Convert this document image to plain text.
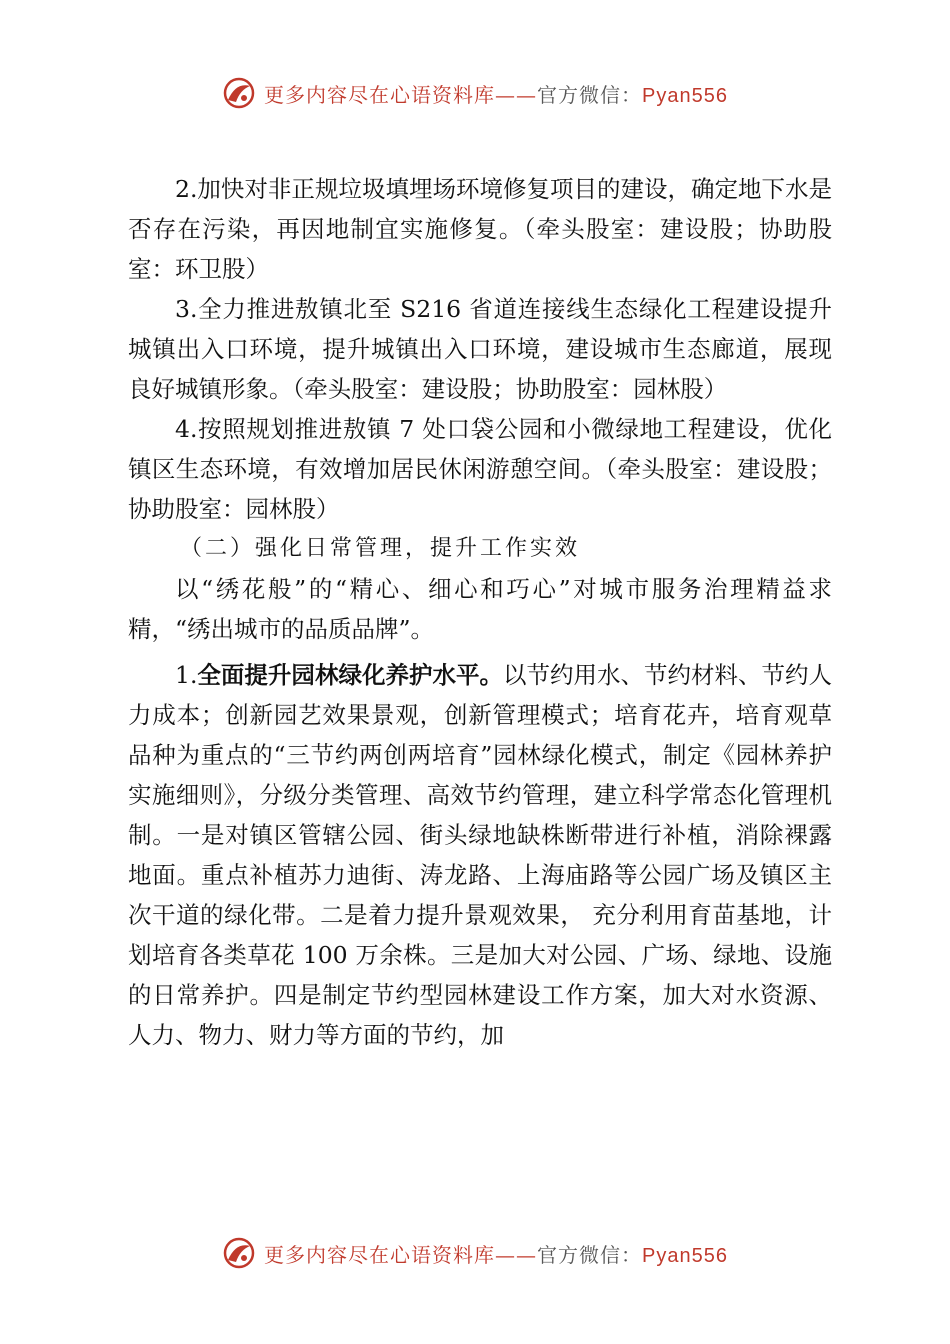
更多内容尽在心语资料库——官方微信：Pyan556

2.加快对非正规垃圾填埋场环境修复项目的建设，确定地下水是否存在污染，再因地制宜实施修复。（牵头股室：建设股；协助股室：环卫股）

3.全力推进敖镇北至 S216 省道连接线生态绿化工程建设提升城镇出入口环境，提升城镇出入口环境，建设城市生态廊道，展现良好城镇形象。（牵头股室：建设股；协助股室：园林股）

4.按照规划推进敖镇 7 处口袋公园和小微绿地工程建设，优化镇区生态环境，有效增加居民休闲游憩空间。（牵头股室：建设股；协助股室：园林股）

（二）强化日常管理，提升工作实效

以“绣花般”的“精心、细心和巧心”对城市服务治理精益求精，“绣出城市的品质品牌”。

1.全面提升园林绿化养护水平。以节约用水、节约材料、节约人力成本；创新园艺效果景观，创新管理模式；培育花卉，培育观草品种为重点的“三节约两创两培育”园林绿化模式，制定《园林养护实施细则》，分级分类管理、高效节约管理，建立科学常态化管理机制。一是对镇区管辖公园、街头绿地缺株断带进行补植，消除裸露地面。重点补植苏力迪街、涛龙路、上海庙路等公园广场及镇区主次干道的绿化带。二是着力提升景观效果， 充分利用育苗基地，计划培育各类草花 100 万余株。三是加大对公园、广场、绿地、设施的日常养护。四是制定节约型园林建设工作方案，加大对水资源、人力、物力、财力等方面的节约，加

更多内容尽在心语资料库——官方微信：Pyan556
